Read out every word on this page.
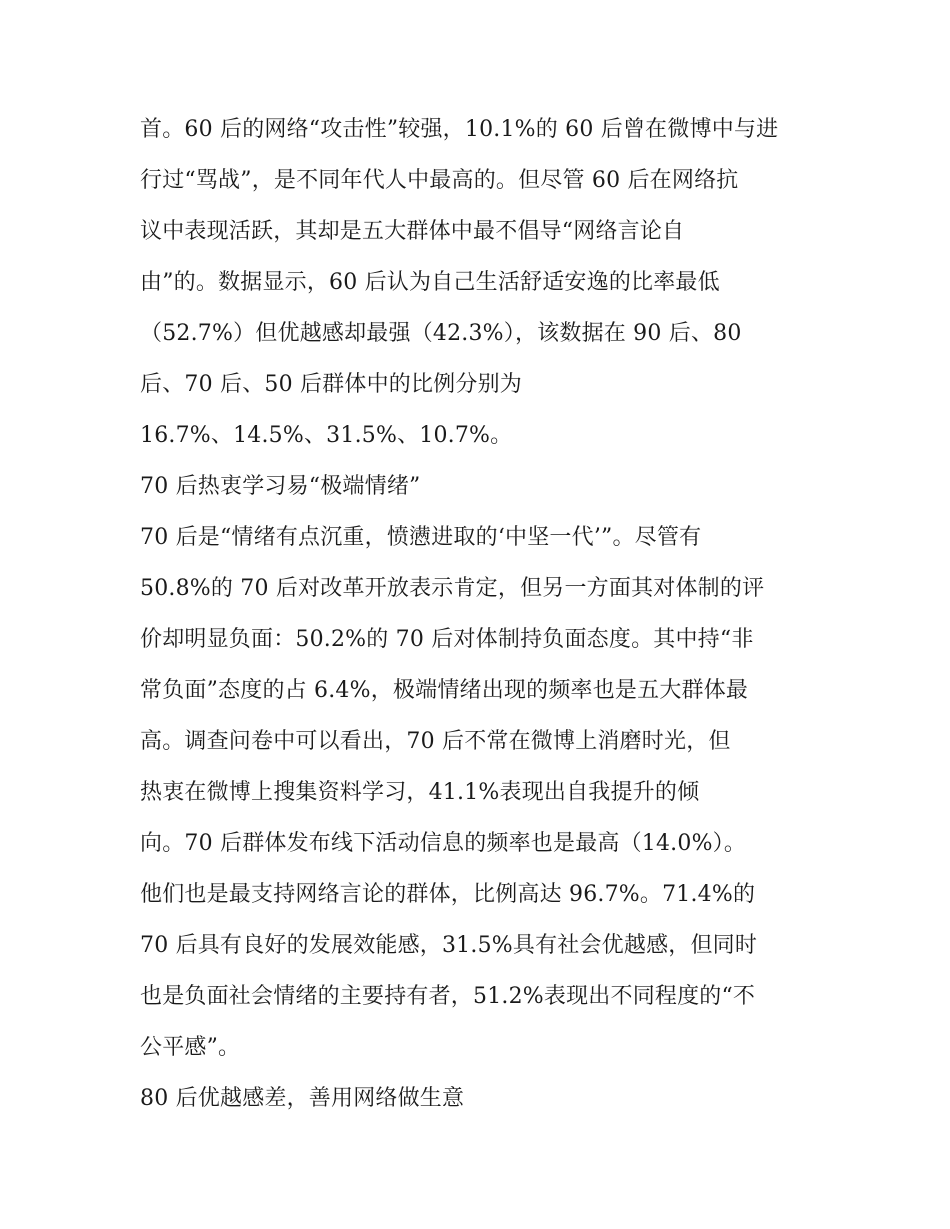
首。60 后的网络“攻击性”较强，10.1%的 60 后曾在微博中与进
行过“骂战”，是不同年代人中最高的。但尽管 60 后在网络抗
议中表现活跃，其却是五大群体中最不倡导“网络言论自
由”的。数据显示，60 后认为自己生活舒适安逸的比率最低
（52.7%）但优越感却最强（42.3%），该数据在 90 后、80
后、70 后、50 后群体中的比例分别为
16.7%、14.5%、31.5%、10.7%。
70 后热衷学习易“极端情绪”
70 后是“情绪有点沉重，愤懑进取的‘中坚一代’”。尽管有
50.8%的 70 后对改革开放表示肯定，但另一方面其对体制的评
价却明显负面：50.2%的 70 后对体制持负面态度。其中持“非
常负面”态度的占 6.4%，极端情绪出现的频率也是五大群体最
高。调查问卷中可以看出，70 后不常在微博上消磨时光，但
热衷在微博上搜集资料学习，41.1%表现出自我提升的倾
向。70 后群体发布线下活动信息的频率也是最高（14.0%）。
他们也是最支持网络言论的群体，比例高达 96.7%。71.4%的
70 后具有良好的发展效能感，31.5%具有社会优越感，但同时
也是负面社会情绪的主要持有者，51.2%表现出不同程度的“不
公平感”。
80 后优越感差，善用网络做生意
